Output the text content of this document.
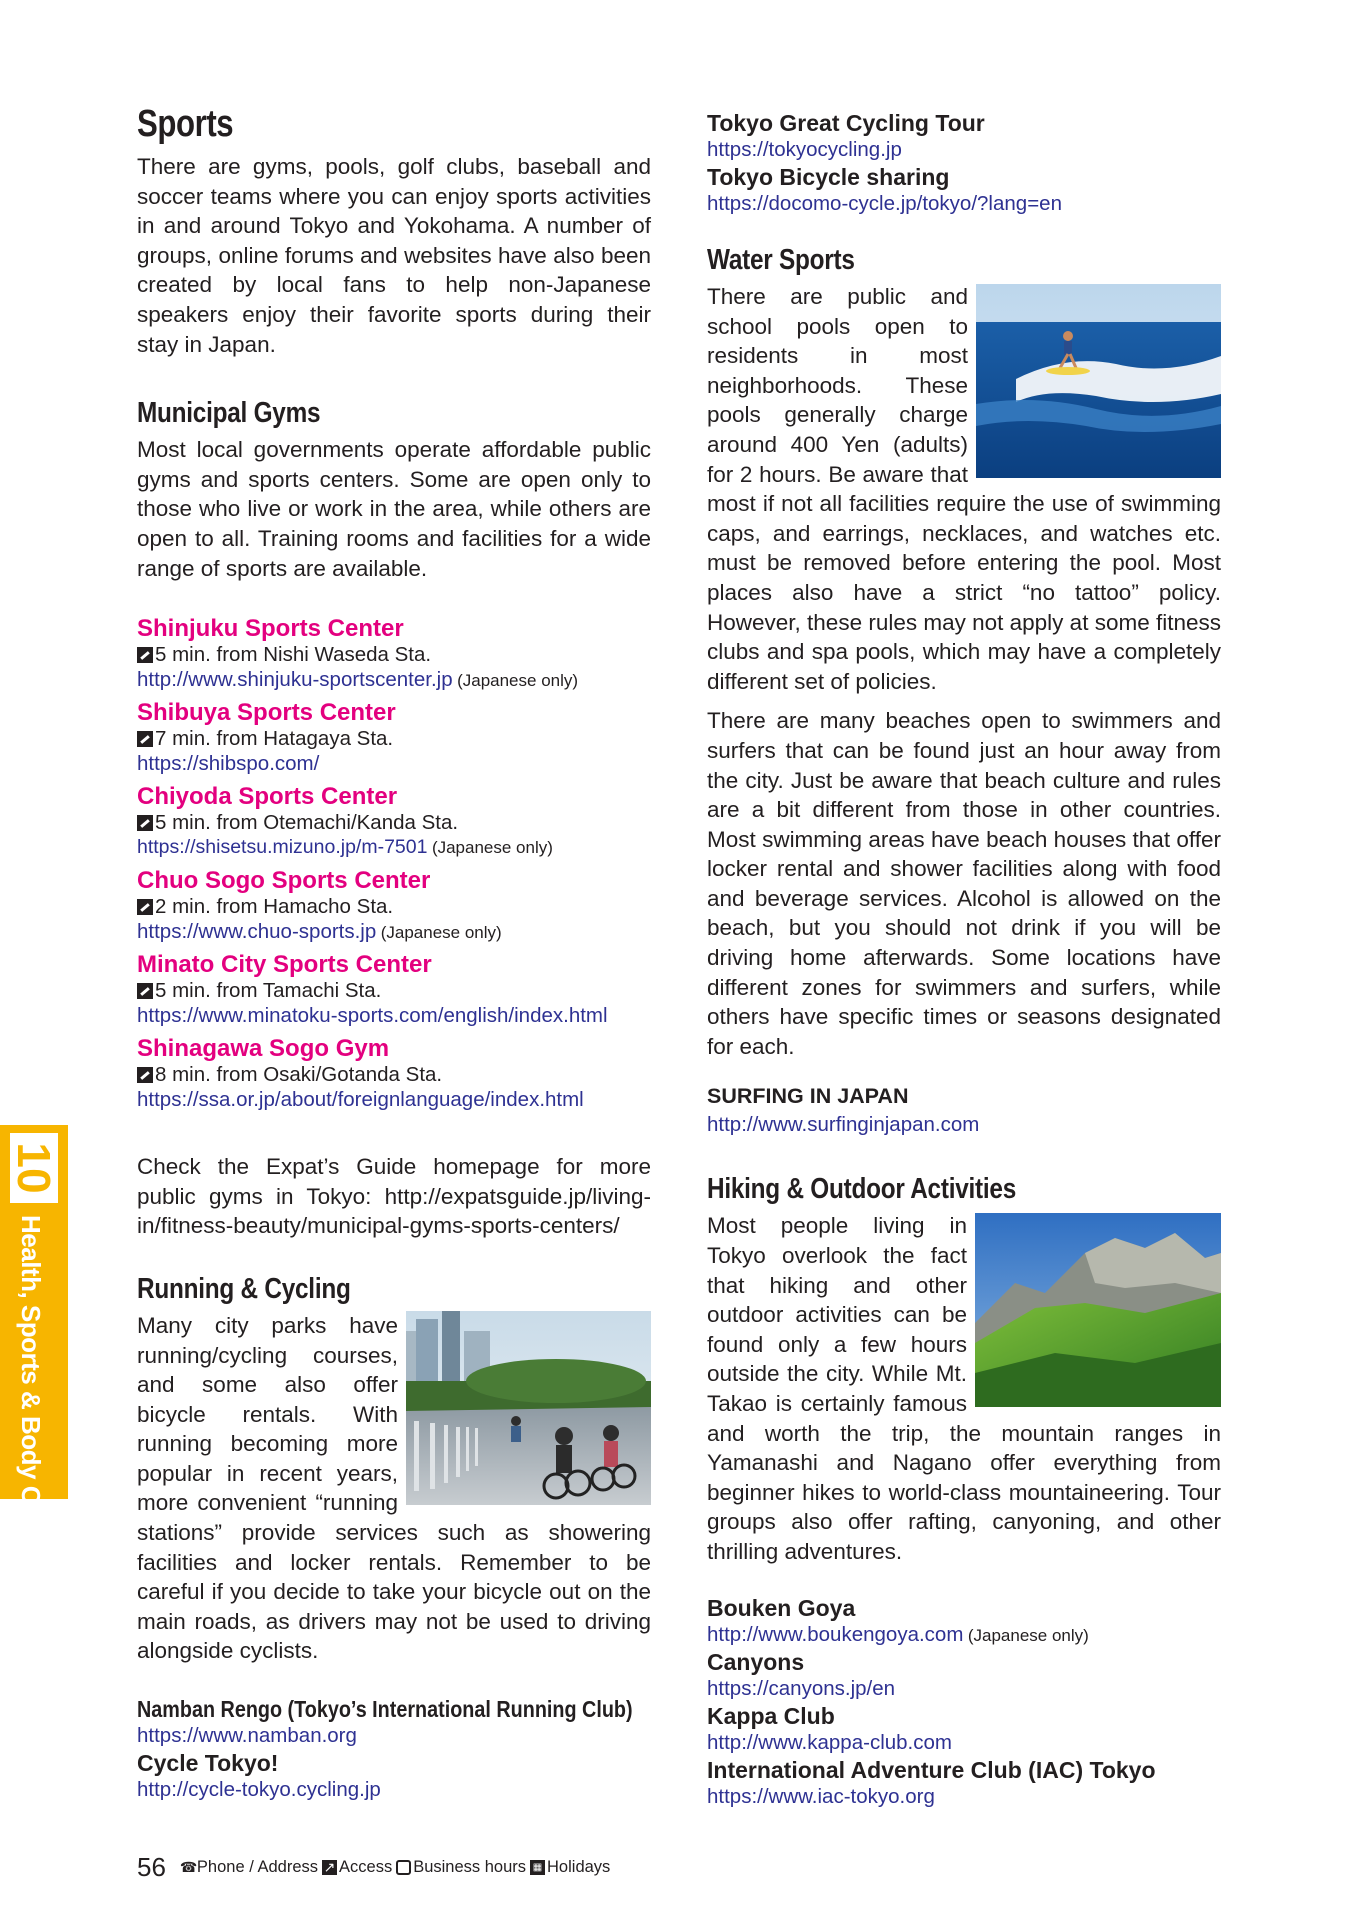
10
Health, Sports & Body Care
Sports

There are gyms, pools, golf clubs, baseball and soccer teams where you can enjoy sports activities in and around Tokyo and Yokohama. A number of groups, online forums and websites have also been created by local fans to help non-Japanese speakers enjoy their favorite sports during their stay in Japan.

Municipal Gyms

Most local governments operate affordable public gyms and sports centers. Some are open only to those who live or work in the area, while others are open to all. Training rooms and facilities for a wide range of sports are available.

Shinjuku Sports Center
5 min. from Nishi Waseda Sta.
http://www.shinjuku-sportscenter.jp (Japanese only)
Shibuya Sports Center
7 min. from Hatagaya Sta.
https://shibspo.com/
Chiyoda Sports Center
5 min. from Otemachi/Kanda Sta.
https://shisetsu.mizuno.jp/m-7501 (Japanese only)
Chuo Sogo Sports Center
2 min. from Hamacho Sta.
https://www.chuo-sports.jp (Japanese only)
Minato City Sports Center
5 min. from Tamachi Sta.
https://www.minatoku-sports.com/english/index.html
Shinagawa Sogo Gym
8 min. from Osaki/Gotanda Sta.
https://ssa.or.jp/about/foreignlanguage/index.html

Check the Expat’s Guide homepage for more public gyms in Tokyo: http://expatsguide.jp/living-in/fitness-beauty/municipal-gyms-sports-centers/

Running & Cycling

Many city parks have running/cycling courses, and some also offer bicycle rentals. With running becoming more popular in recent years, more convenient “running stations” provide services such as showering facilities and locker rentals. Remember to be careful if you decide to take your bicycle out on the main roads, as drivers may not be used to driving alongside cyclists.

Namban Rengo (Tokyo’s International Running Club)
https://www.namban.org
Cycle Tokyo!
http://cycle-tokyo.cycling.jp
Tokyo Great Cycling Tour
https://tokyocycling.jp
Tokyo Bicycle sharing
https://docomo-cycle.jp/tokyo/?lang=en
Water Sports

There are public and school pools open to residents in most neighborhoods. These pools generally charge around 400 Yen (adults) for 2 hours. Be aware that most if not all facilities require the use of swimming caps, and earrings, necklaces, and watches etc. must be removed before entering the pool. Most places also have a strict “no tattoo” policy. However, these rules may not apply at some fitness clubs and spa pools, which may have a completely different set of policies.

There are many beaches open to swimmers and surfers that can be found just an hour away from the city. Just be aware that beach culture and rules are a bit different from those in other countries. Most swimming areas have beach houses that offer locker rental and shower facilities along with food and beverage services. Alcohol is allowed on the beach, but you should not drink if you will be driving home afterwards. Some locations have different zones for swimmers and surfers, while others have specific times or seasons designated for each.

SURFING IN JAPAN
http://www.surfinginjapan.com
Hiking & Outdoor Activities

Most people living in Tokyo overlook the fact that hiking and other outdoor activities can be found only a few hours outside the city. While Mt. Takao is certainly famous and worth the trip, the mountain ranges in Yamanashi and Nagano offer everything from beginner hikes to world-class mountaineering. Tour groups also offer rafting, canyoning, and other thrilling adventures.

Bouken Goya
http://www.boukengoya.com (Japanese only)
Canyons
https://canyons.jp/en
Kappa Club
http://www.kappa-club.com
International Adventure Club (IAC) Tokyo
https://www.iac-tokyo.org
56 ☎ Phone / Address ↗ Access Business hours ▦ Holidays
